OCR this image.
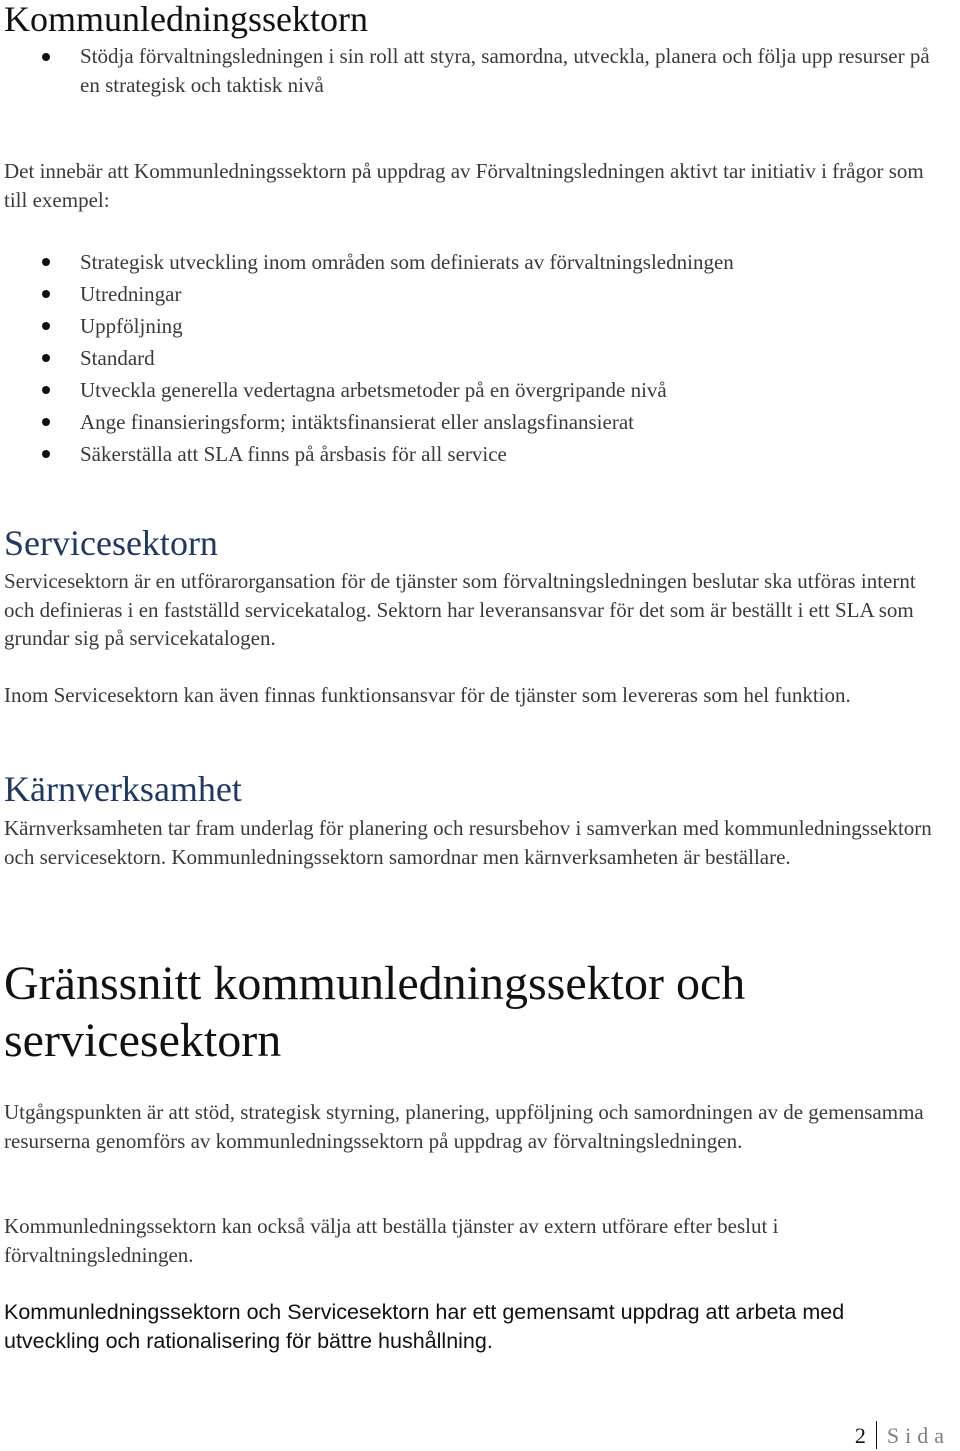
Kommunledningssektorn
Stödja förvaltningsledningen i sin roll att styra, samordna, utveckla, planera och följa upp resurser på en strategisk och taktisk nivå

Det innebär att Kommunledningssektorn på uppdrag av Förvaltningsledningen aktivt tar initiativ i frågor som till exempel:

Strategisk utveckling inom områden som definierats av förvaltningsledningen
Utredningar
Uppföljning
Standard
Utveckla generella vedertagna arbetsmetoder på en övergripande nivå
Ange finansieringsform; intäktsfinansierat eller anslagsfinansierat
Säkerställa att SLA finns på årsbasis för all service
Servicesektorn

Servicesektorn är en utförarorgansation för de tjänster som förvaltningsledningen beslutar ska utföras internt och definieras i en fastställd servicekatalog. Sektorn har leveransansvar för det som är beställt i ett SLA som grundar sig på servicekatalogen.

Inom Servicesektorn kan även finnas funktionsansvar för de tjänster som levereras som hel funktion.

Kärnverksamhet

Kärnverksamheten tar fram underlag för planering och resursbehov i samverkan med kommunledningssektorn och servicesektorn. Kommunledningssektorn samordnar men kärnverksamheten är beställare.

Gränssnitt kommunledningssektor och servicesektorn

Utgångspunkten är att stöd, strategisk styrning, planering, uppföljning och samordningen av de gemensamma resurserna genomförs av kommunledningssektorn på uppdrag av förvaltningsledningen.

Kommunledningssektorn kan också välja att beställa tjänster av extern utförare efter beslut i förvaltningsledningen.

Kommunledningssektorn och Servicesektorn har ett gemensamt uppdrag att arbeta med utveckling och rationalisering för bättre hushållning.

2 Sida
